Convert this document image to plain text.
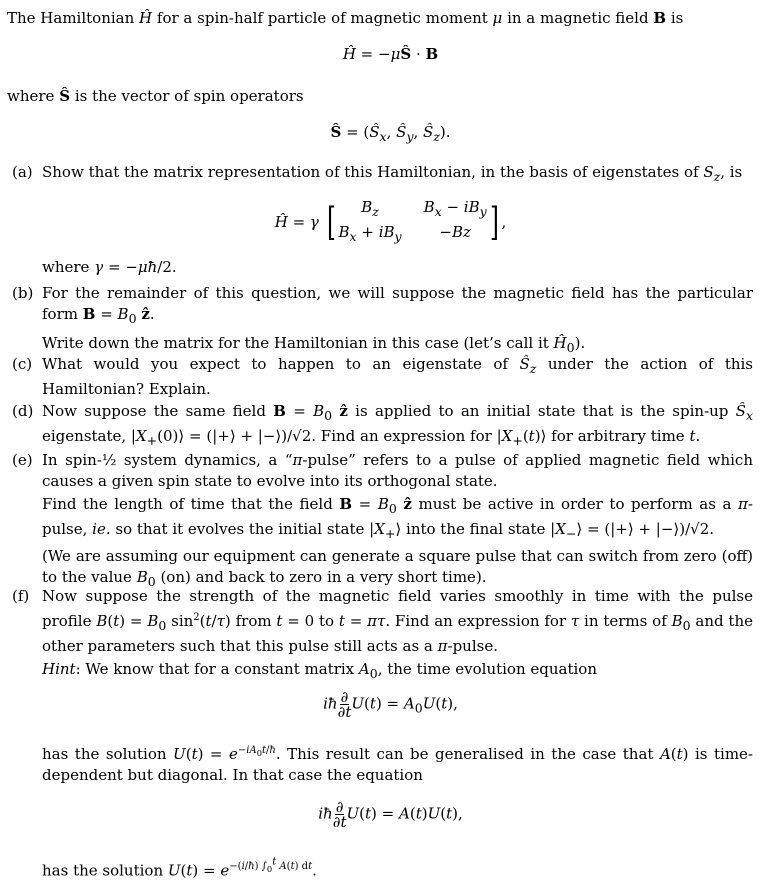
The Hamiltonian Ĥ for a spin-half particle of magnetic moment μ in a magnetic field B is
Ĥ = −μŜ · B
where Ŝ is the vector of spin operators
Ŝ = ($Ŝ_x$, $Ŝ_y$, $Ŝ_z$).
(a) Show that the matrix representation of this Hamiltonian, in the basis of eigenstates of $S_z$, is
Ĥ = γ
[	$B_z$	$B_x - iB_y$
$B_x + iB_y$	−Bz ] ,
where γ = −μħ/2.
(b) For the remainder of this question, we will suppose the magnetic field has the particular form $B = B_0$ ẑ.

Write down the matrix for the Hamiltonian in this case (let’s call it $Ĥ_0$).

(c) What would you expect to happen to an eigenstate of $Ŝ_z$ under the action of this Hamiltonian? Explain.
(d) Now suppose the same field $B = B_0$ ẑ is applied to an initial state that is the spin-up $Ŝ_x$ eigenstate, $|X_+(0)⟩$ = (|+⟩ + |−⟩)/√2. Find an expression for $|X_+(t)⟩$ for arbitrary time t.
(e) In spin-½ system dynamics, a “π-pulse” refers to a pulse of applied magnetic field which causes a given spin state to evolve into its orthogonal state.

Find the length of time that the field $B = B_0$ ẑ must be active in order to perform as a π-pulse, ie. so that it evolves the initial state $|X_+⟩$ into the final state $|X_-⟩$ = (|+⟩ + |−⟩)/√2.

(We are assuming our equipment can generate a square pulse that can switch from zero (off) to the value $B_0$ (on) and back to zero in a very short time).

(f) Now suppose the strength of the magnetic field varies smoothly in time with the pulse profile $B(t) = B_0$ $\sin^2(t/\tau)$ from t = 0 to t = πτ. Find an expression for τ in terms of $B_0$ and the other parameters such that this pulse still acts as a π-pulse.

Hint: We know that for a constant matrix $A_0$, the time evolution equation

iħ $\frac{\partial}{\partial t} U(t) = A_0U(t)$,
has the solution $U(t) = e^{-iA_0t/ħ}$. This result can be generalised in the case that A(t) is time-dependent but diagonal. In that case the equation
iħ $\frac{\partial}{\partial t} U(t) = A(t)U(t)$,
has the solution $U(t) = e^{-(i/ħ) \int_0^t A(t) dt}$.
